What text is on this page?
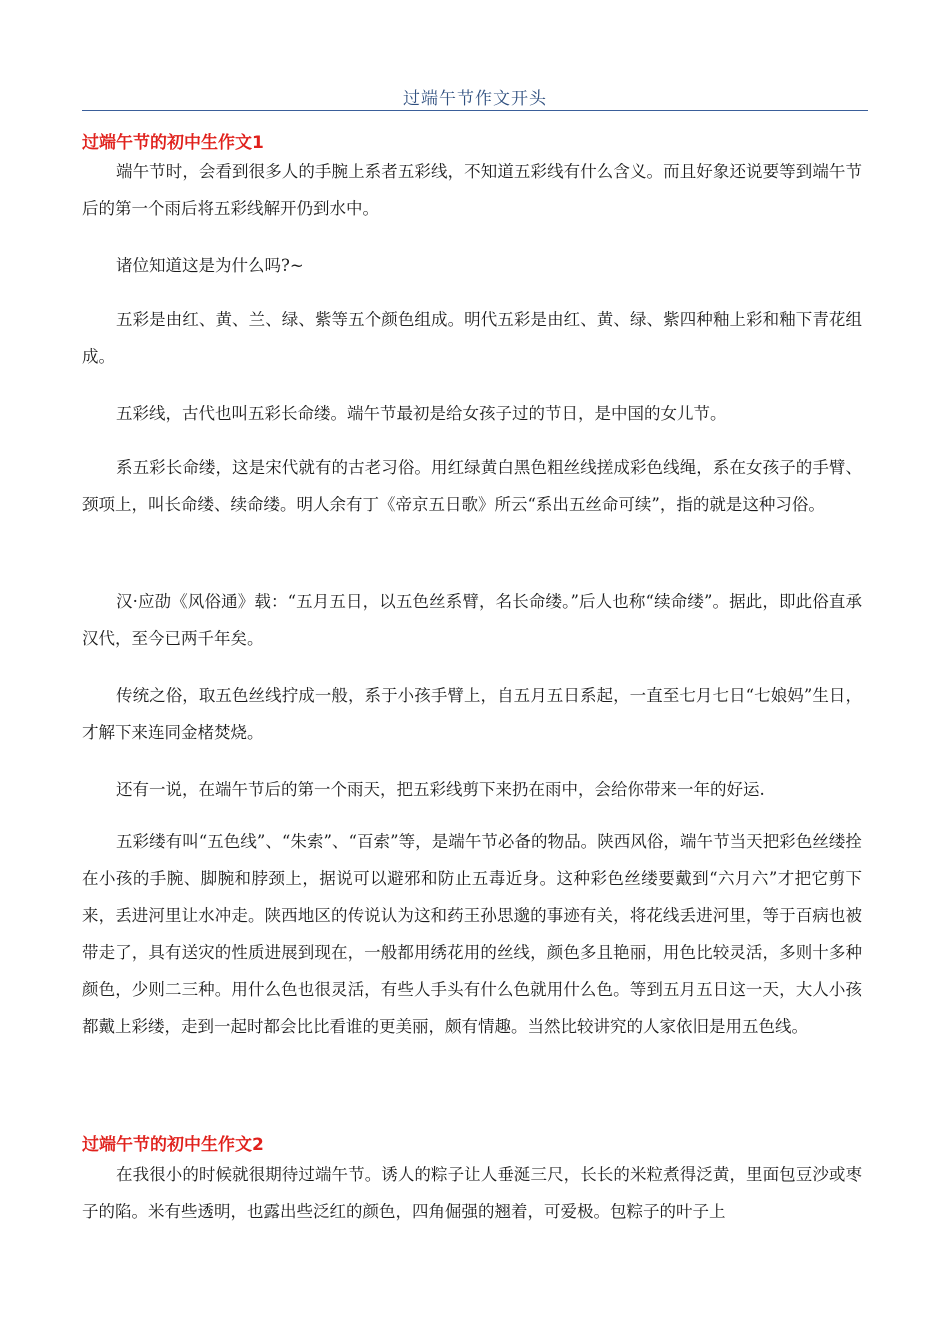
过端午节作文开头
过端午节的初中生作文1
端午节时，会看到很多人的手腕上系者五彩线，不知道五彩线有什么含义。而且好象还说要等到端午节后的第一个雨后将五彩线解开仍到水中。
诸位知道这是为什么吗?~
五彩是由红、黄、兰、绿、紫等五个颜色组成。明代五彩是由红、黄、绿、紫四种釉上彩和釉下青花组成。
五彩线，古代也叫五彩长命缕。端午节最初是给女孩子过的节日，是中国的女儿节。
系五彩长命缕，这是宋代就有的古老习俗。用红绿黄白黑色粗丝线搓成彩色线绳，系在女孩子的手臂、颈项上，叫长命缕、续命缕。明人余有丁《帝京五日歌》所云“系出五丝命可续”，指的就是这种习俗。
汉·应劭《风俗通》载：“五月五日，以五色丝系臂，名长命缕。”后人也称“续命缕”。据此，即此俗直承汉代，至今已两千年矣。
传统之俗，取五色丝线拧成一般，系于小孩手臂上，自五月五日系起，一直至七月七日“七娘妈”生日，才解下来连同金楮焚烧。
还有一说，在端午节后的第一个雨天，把五彩线剪下来扔在雨中，会给你带来一年的好运.
五彩缕有叫“五色线”、“朱索”、“百索”等，是端午节必备的物品。陕西风俗，端午节当天把彩色丝缕拴在小孩的手腕、脚腕和脖颈上，据说可以避邪和防止五毒近身。这种彩色丝缕要戴到“六月六”才把它剪下来，丢进河里让水冲走。陕西地区的传说认为这和药王孙思邈的事迹有关，将花线丢进河里，等于百病也被带走了，具有送灾的性质进展到现在，一般都用绣花用的丝线，颜色多且艳丽，用色比较灵活，多则十多种颜色，少则二三种。用什么色也很灵活，有些人手头有什么色就用什么色。等到五月五日这一天，大人小孩都戴上彩缕，走到一起时都会比比看谁的更美丽，颇有情趣。当然比较讲究的人家依旧是用五色线。
过端午节的初中生作文2
在我很小的时候就很期待过端午节。诱人的粽子让人垂涎三尺，长长的米粒煮得泛黄，里面包豆沙或枣子的陷。米有些透明，也露出些泛红的颜色，四角倔强的翘着，可爱极。包粽子的叶子上
